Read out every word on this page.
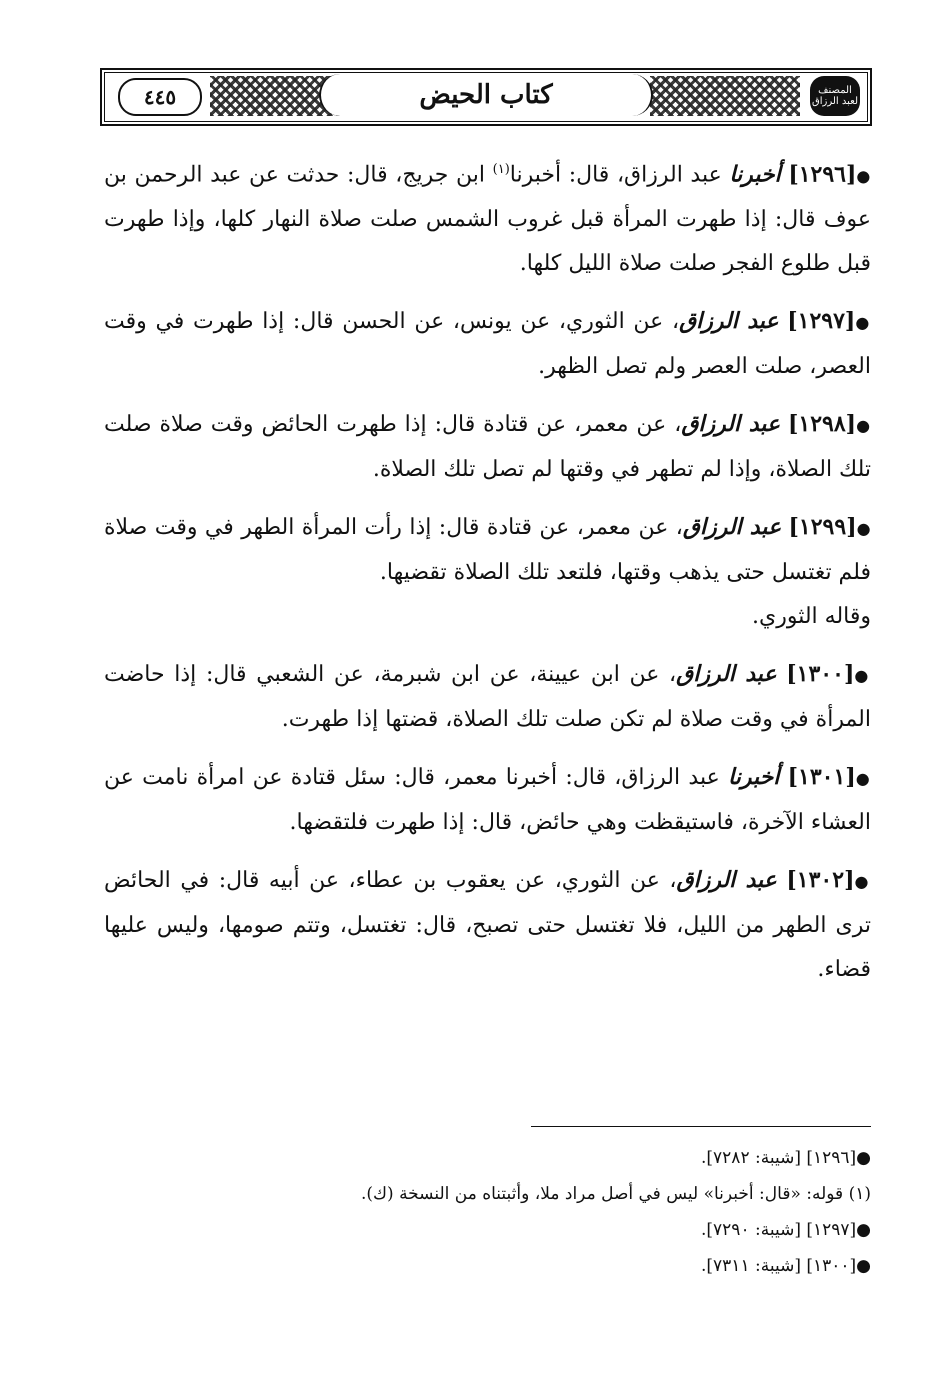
المصنف لعبد الرزاق
٤٤٥	كتاب الحيض

●[١٢٩٦] أخبرنا عبد الرزاق، قال: أخبرنا$^{(١)}$ ابن جريج، قال: حدثت عن عبد الرحمن بن عوف قال: إذا طهرت المرأة قبل غروب الشمس صلت صلاة النهار كلها، وإذا طهرت قبل طلوع الفجر صلت صلاة الليل كلها.

●[١٢٩٧] عبد الرزاق، عن الثوري، عن يونس، عن الحسن قال: إذا طهرت في وقت العصر، صلت العصر ولم تصل الظهر.

●[١٢٩٨] عبد الرزاق، عن معمر، عن قتادة قال: إذا طهرت الحائض وقت صلاة صلت تلك الصلاة، وإذا لم تطهر في وقتها لم تصل تلك الصلاة.

●[١٢٩٩] عبد الرزاق، عن معمر، عن قتادة قال: إذا رأت المرأة الطهر في وقت صلاة فلم تغتسل حتى يذهب وقتها، فلتعد تلك الصلاة تقضيها.
وقاله الثوري.

●[١٣٠٠] عبد الرزاق، عن ابن عيينة، عن ابن شبرمة، عن الشعبي قال: إذا حاضت المرأة في وقت صلاة لم تكن صلت تلك الصلاة، قضتها إذا طهرت.

●[١٣٠١] أخبرنا عبد الرزاق، قال: أخبرنا معمر، قال: سئل قتادة عن امرأة نامت عن العشاء الآخرة، فاستيقظت وهي حائض، قال: إذا طهرت فلتقضها.

●[١٣٠٢] عبد الرزاق، عن الثوري، عن يعقوب بن عطاء، عن أبيه قال: في الحائض ترى الطهر من الليل، فلا تغتسل حتى تصبح، قال: تغتسل، وتتم صومها، وليس عليها قضاء.

●[١٢٩٦] [شيبة: ٧٢٨٢].
(١) قوله: «قال: أخبرنا» ليس في أصل مراد ملا، وأثبتناه من النسخة (ك).
●[١٢٩٧] [شيبة: ٧٢٩٠].
●[١٣٠٠] [شيبة: ٧٣١١].
